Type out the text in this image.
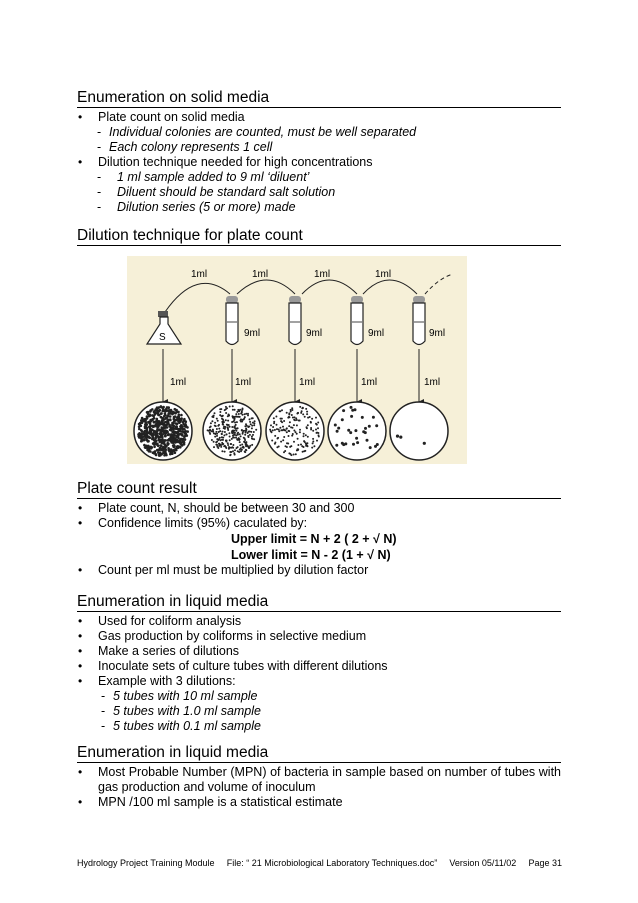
Enumeration on solid media
• Plate count on solid media
- Individual colonies are counted, must be well separated
- Each colony represents 1 cell
• Dilution technique needed for high concentrations
- 1 ml sample added to 9 ml ‘diluent’
- Diluent should be standard salt solution
- Dilution series (5 or more) made
Dilution technique for plate count
1ml	1ml	1ml	1ml
S	9ml	9ml	9ml	9ml
1ml	1ml	1ml	1ml	1ml
Plate count result
• Plate count, N, should be between 30 and 300
• Confidence limits (95%) caculated by:
Upper limit = N + 2 ( 2 + √ N)
Lower limit = N - 2 (1 + √ N)
• Count per ml must be multiplied by dilution factor
Enumeration in liquid media
• Used for coliform analysis
• Gas production by coliforms in selective medium
• Make a series of dilutions
• Inoculate sets of culture tubes with different dilutions
• Example with 3 dilutions:
- 5 tubes with 10 ml sample
- 5 tubes with 1.0 ml sample
- 5 tubes with 0.1 ml sample
Enumeration in liquid media
• Most Probable Number (MPN) of bacteria in sample based on number of tubes with gas production and volume of inoculum
• MPN /100 ml sample is a statistical estimate
Hydrology Project Training Module File: “ 21 Microbiological Laboratory Techniques.doc” Version 05/11/02 Page 31
